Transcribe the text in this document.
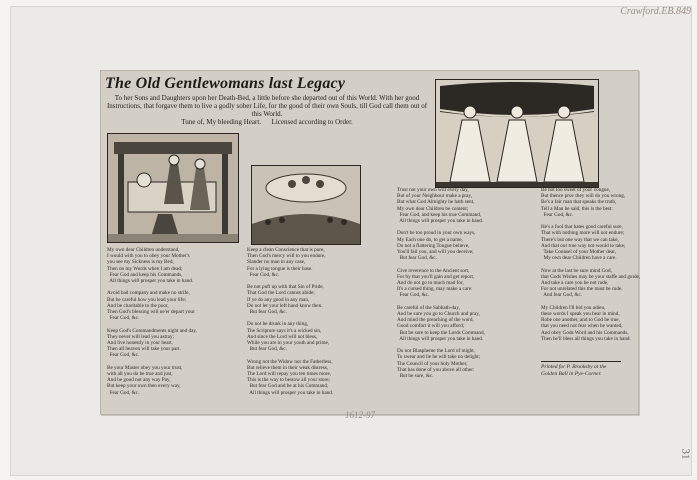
Crawford.EB.849
31
The Old Gentlewomans last Legacy
To her Sons and Daughters upon her Death-Bed, a little before she departed out of this World. With her good Instructions, that forgave them to live a godly sober Life, for the good of their own Souls, till God call them out of this World.
Tune of, My bleeding Heart. Licensed according to Order.
My own dear Children understand,
I would with you to obey your Mother's
you see my Sickness is my Bed,
Then on my Words when I am dead;
Fear God and keep his Commands,
All things will prosper you take in hand.

Avoid bad company and make no strife,
But be careful how you lead your life;
And be charitable to the poor,
Then God's blessing will ne'er depart your
Fear God, &c.

Keep God's Commandments night and day,
They never will lead you astray;
And live honestly in your heart,
Then all heaven will take your part.
Fear God, &c.

Be your Master obey you your trust,
with all you do be true and just,
And be good not any way Pay,
But keep your own then every way,
Fear God, &c.
Keep a clean Conscience that is pure,
Then God's mercy will to you endure,
Slander no man in any case,
For a lying tongue is their base.
Fear God, &c.

Be not puft up with that Sin of Pride,
That God the Lord cannot abide;
If ye do any good in any man,
Do not let your left hand know then.
But fear God, &c.

Do not be drunk in any thing,
The Scripture says it's a wicked sin,
And since the Lord will not bless,
While you are in your youth and prime,
But fear God, &c.

Wrong not the Widow nor the Fatherless,
But relieve them in their weak distress,
The Lord will repay you ten times more,
This is the way to bestow all your store;
But fear God and be at his Command,
All things will prosper you take in hand.
Trust not your own will every day,
But of your Neighbour make a pray,
But what God Almighty he hath sent,
My own dear Children be content;
Fear God, and keep his true Command,
All things will prosper you take in hand.

Don't be too proud in your own ways,
My Each one do, to get a name,
Do not a flattering Tongue believe,
You'll fail you, and will you deceive;
But fear God, &c.

Give reverence to the Ancient sort,
For by that you'll gain and get report,
And do not go to much mad for,
It's a cursed thing, may make a care:
Fear God, &c.

Be careful of the Sabbath-day,
And be sure you go to Church and pray,
And mind the preaching of the word,
Good comfort it will you afford;
But be sure to keep the Lords Command,
All things will prosper you take in hand.

Do not Blaspheme the Lord of might,
To swear and lie he will take no delight;
The Council of your holy Mother,
That has done of you above all other:
But be sure, &c.
Be not too sweet of your Tongue,
But thence prov they will do you wrong,
Be's a fair man that speaks the truth,
Tell a Man he said, this is the best:
Fear God, &c.

He's a fool that hates good careful sure,
That with nothing more will not endure;
There's but one way that we can take,
And that our true way not would to take;
Take Counsel of your Mother dear,
My own dear Children have a care.

Now at the last be sure mind God,
that Gods Wishes may be your staffe and guide,
And take a care you be not rude,
For not unrelated this the must be rude.
And fear God, &c.

My Children I'll bid you adieu,
these words I speak you bear in mind,
Robe one another, and to God be true,
that you need not fear when he wanted,
And obey Gods Word and his Commands,
Then he'll bless all things you take in hand.
Printed for P. Brooksby at the Golden Ball in Pye-Corner.
1612-97
